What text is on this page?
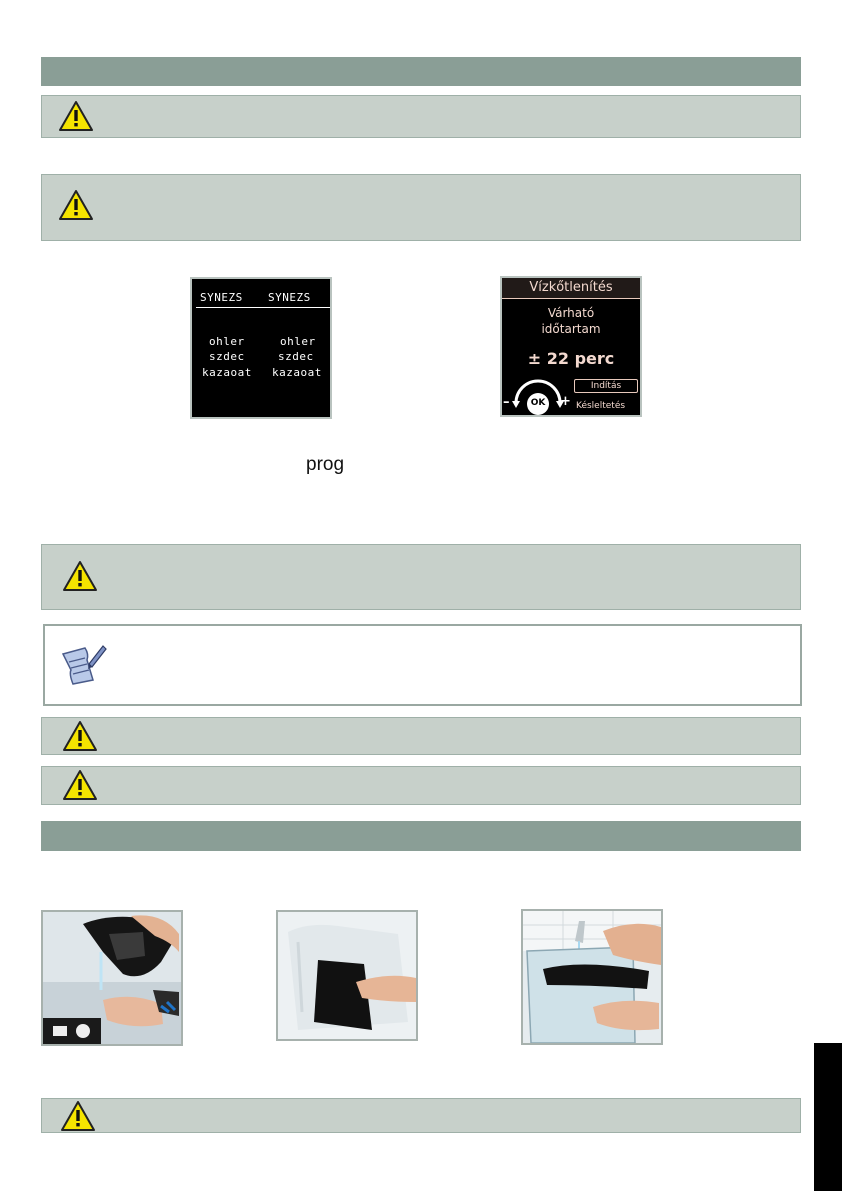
SYNEZS SYNEZS
ohler	ohler
szdec	szdec
kazaoat kazaoat
Vízkőtlenítés
Várható
időtartam
± 22 perc
Indítás
OK
–	+ Késleltetés
prog
